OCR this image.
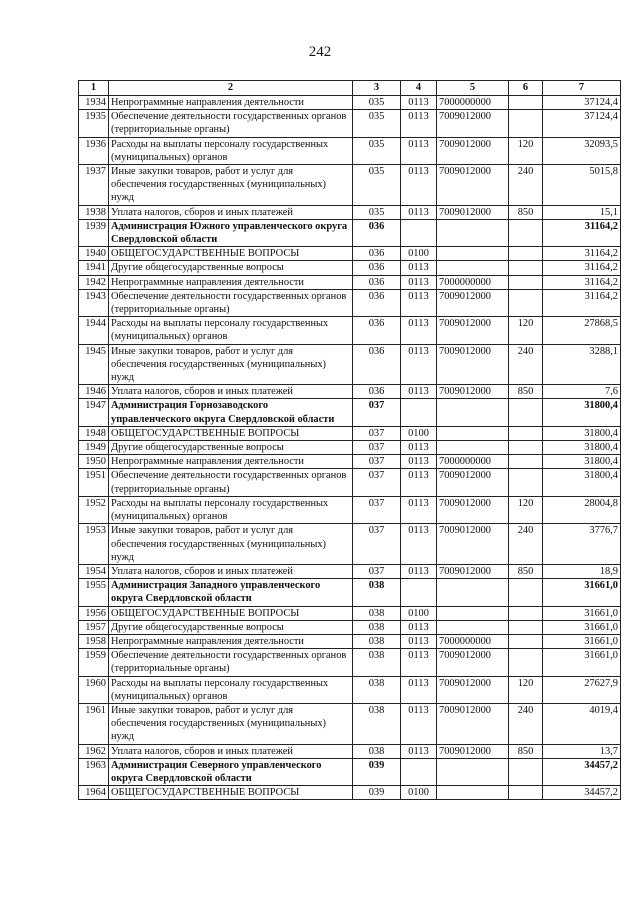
242
1	2	3	4	5	6	7
1934	Непрограммные направления деятельности	035	0113	7000000000		37124,4
1935	Обеспечение деятельности государственных органов (территориальные органы)	035	0113	7009012000		37124,4
1936	Расходы на выплаты персоналу государственных (муниципальных) органов	035	0113	7009012000	120	32093,5
1937	Иные закупки товаров, работ и услуг для обеспечения государственных (муниципальных) нужд	035	0113	7009012000	240	5015,8
1938	Уплата налогов, сборов и иных платежей	035	0113	7009012000	850	15,1
1939	Администрация Южного управленческого округа Свердловской области	036				31164,2
1940	ОБЩЕГОСУДАРСТВЕННЫЕ ВОПРОСЫ	036	0100			31164,2
1941	Другие общегосударственные вопросы	036	0113			31164,2
1942	Непрограммные направления деятельности	036	0113	7000000000		31164,2
1943	Обеспечение деятельности государственных органов (территориальные органы)	036	0113	7009012000		31164,2
1944	Расходы на выплаты персоналу государственных (муниципальных) органов	036	0113	7009012000	120	27868,5
1945	Иные закупки товаров, работ и услуг для обеспечения государственных (муниципальных) нужд	036	0113	7009012000	240	3288,1
1946	Уплата налогов, сборов и иных платежей	036	0113	7009012000	850	7,6
1947	Администрация Горнозаводского управленческого округа Свердловской области	037				31800,4
1948	ОБЩЕГОСУДАРСТВЕННЫЕ ВОПРОСЫ	037	0100			31800,4
1949	Другие общегосударственные вопросы	037	0113			31800,4
1950	Непрограммные направления деятельности	037	0113	7000000000		31800,4
1951	Обеспечение деятельности государственных органов (территориальные органы)	037	0113	7009012000		31800,4
1952	Расходы на выплаты персоналу государственных (муниципальных) органов	037	0113	7009012000	120	28004,8
1953	Иные закупки товаров, работ и услуг для обеспечения государственных (муниципальных) нужд	037	0113	7009012000	240	3776,7
1954	Уплата налогов, сборов и иных платежей	037	0113	7009012000	850	18,9
1955	Администрация Западного управленческого округа Свердловской области	038				31661,0
1956	ОБЩЕГОСУДАРСТВЕННЫЕ ВОПРОСЫ	038	0100			31661,0
1957	Другие общегосударственные вопросы	038	0113			31661,0
1958	Непрограммные направления деятельности	038	0113	7000000000		31661,0
1959	Обеспечение деятельности государственных органов (территориальные органы)	038	0113	7009012000		31661,0
1960	Расходы на выплаты персоналу государственных (муниципальных) органов	038	0113	7009012000	120	27627,9
1961	Иные закупки товаров, работ и услуг для обеспечения государственных (муниципальных) нужд	038	0113	7009012000	240	4019,4
1962	Уплата налогов, сборов и иных платежей	038	0113	7009012000	850	13,7
1963	Администрация Северного управленческого округа Свердловской области	039				34457,2
1964	ОБЩЕГОСУДАРСТВЕННЫЕ ВОПРОСЫ	039	0100			34457,2
